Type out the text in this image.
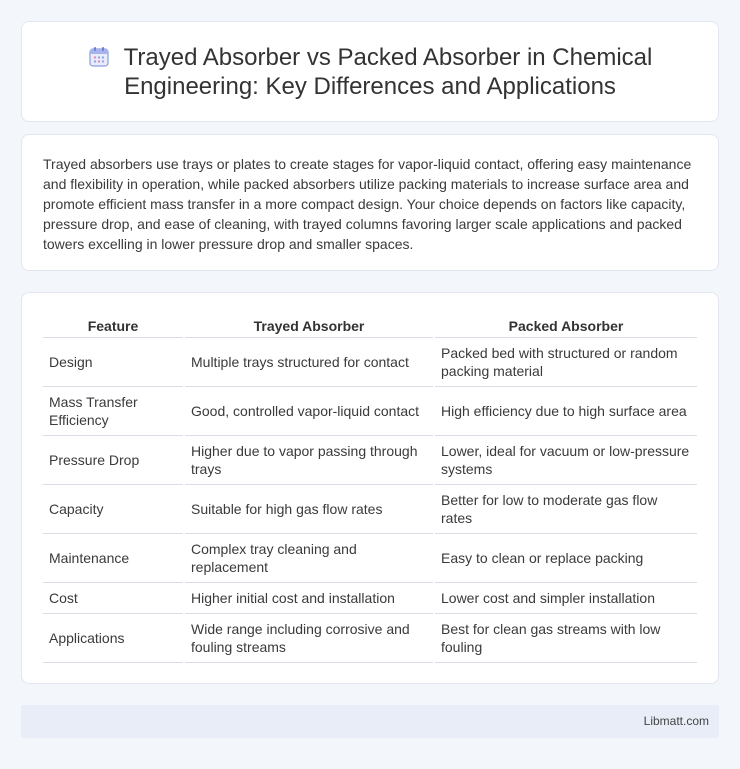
Trayed Absorber vs Packed Absorber in Chemical Engineering: Key Differences and Applications

Trayed absorbers use trays or plates to create stages for vapor-liquid contact, offering easy maintenance and flexibility in operation, while packed absorbers utilize packing materials to increase surface area and promote efficient mass transfer in a more compact design. Your choice depends on factors like capacity, pressure drop, and ease of cleaning, with trayed columns favoring larger scale applications and packed towers excelling in lower pressure drop and smaller spaces.

Feature	Trayed Absorber	Packed Absorber
Design	Multiple trays structured for contact	Packed bed with structured or random packing material
Mass Transfer Efficiency	Good, controlled vapor-liquid contact	High efficiency due to high surface area
Pressure Drop	Higher due to vapor passing through trays	Lower, ideal for vacuum or low-pressure systems
Capacity	Suitable for high gas flow rates	Better for low to moderate gas flow rates
Maintenance	Complex tray cleaning and replacement	Easy to clean or replace packing
Cost	Higher initial cost and installation	Lower cost and simpler installation
Applications	Wide range including corrosive and fouling streams	Best for clean gas streams with low fouling
Libmatt.com
